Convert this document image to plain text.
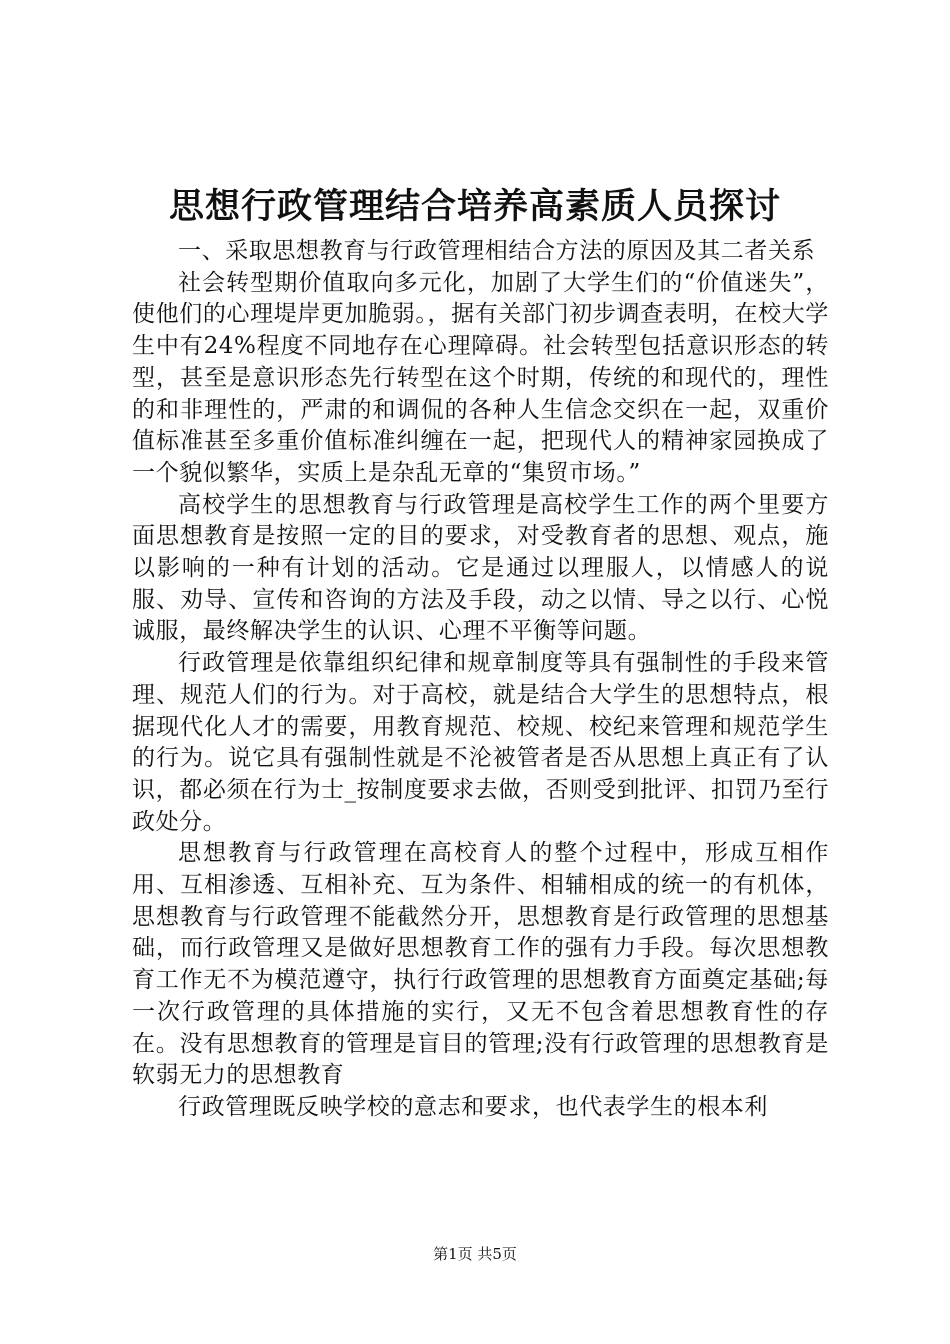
思想行政管理结合培养高素质人员探讨

一、采取思想教育与行政管理相结合方法的原因及其二者关系

社会转型期价值取向多元化，加剧了大学生们的“价值迷失”，使他们的心理堤岸更加脆弱。，据有关部门初步调查表明，在校大学生中有24%程度不同地存在心理障碍。社会转型包括意识形态的转型，甚至是意识形态先行转型在这个时期，传统的和现代的，理性的和非理性的，严肃的和调侃的各种人生信念交织在一起，双重价值标准甚至多重价值标准纠缠在一起，把现代人的精神家园换成了一个貌似繁华，实质上是杂乱无章的“集贸市场。”

高校学生的思想教育与行政管理是高校学生工作的两个里要方面思想教育是按照一定的目的要求，对受教育者的思想、观点，施以影响的一种有计划的活动。它是通过以理服人，以情感人的说服、劝导、宣传和咨询的方法及手段，动之以情、导之以行、心悦诚服，最终解决学生的认识、心理不平衡等问题。

行政管理是依靠组织纪律和规章制度等具有强制性的手段来管理、规范人们的行为。对于高校，就是结合大学生的思想特点，根据现代化人才的需要，用教育规范、校规、校纪来管理和规范学生的行为。说它具有强制性就是不沦被管者是否从思想上真正有了认识，都必须在行为士_按制度要求去做，否则受到批评、扣罚乃至行政处分。

思想教育与行政管理在高校育人的整个过程中，形成互相作用、互相渗透、互相补充、互为条件、相辅相成的统一的有机体，思想教育与行政管理不能截然分开，思想教育是行政管理的思想基础，而行政管理又是做好思想教育工作的强有力手段。每次思想教育工作无不为模范遵守，执行行政管理的思想教育方面奠定基础;每一次行政管理的具体措施的实行，又无不包含着思想教育性的存在。没有思想教育的管理是盲目的管理;没有行政管理的思想教育是软弱无力的思想教育

行政管理既反映学校的意志和要求，也代表学生的根本利

第1页 共5页
